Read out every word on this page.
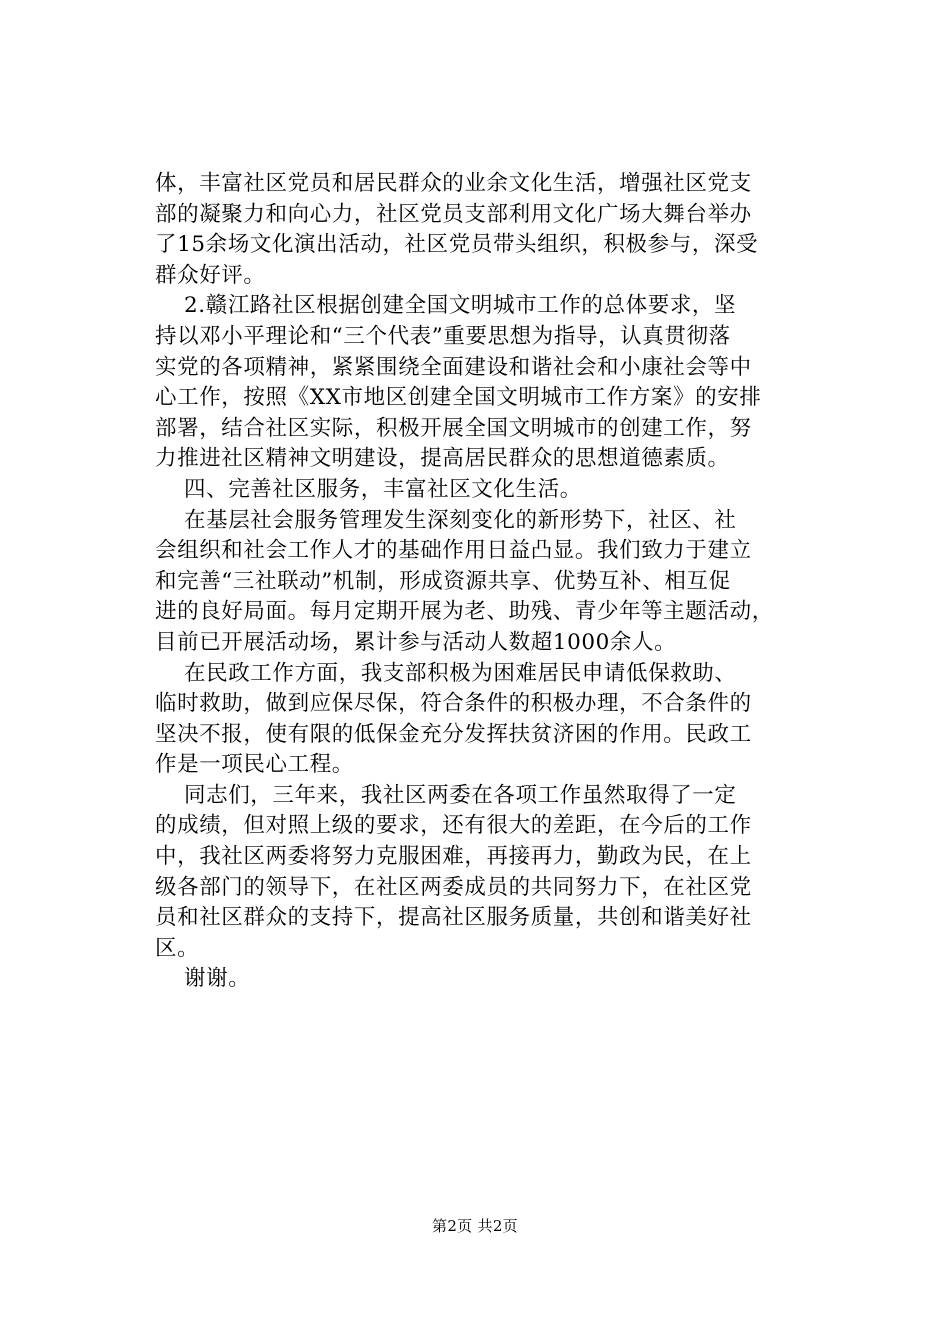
体，丰富社区党员和居民群众的业余文化生活，增强社区党支
部的凝聚力和向心力，社区党员支部利用文化广场大舞台举办
了15余场文化演出活动，社区党员带头组织，积极参与，深受
群众好评。
2.赣江路社区根据创建全国文明城市工作的总体要求，坚
持以邓小平理论和“三个代表”重要思想为指导，认真贯彻落
实党的各项精神，紧紧围绕全面建设和谐社会和小康社会等中
心工作，按照《XX市地区创建全国文明城市工作方案》的安排
部署，结合社区实际，积极开展全国文明城市的创建工作，努
力推进社区精神文明建设，提高居民群众的思想道德素质。
四、完善社区服务，丰富社区文化生活。
在基层社会服务管理发生深刻变化的新形势下，社区、社
会组织和社会工作人才的基础作用日益凸显。我们致力于建立
和完善“三社联动”机制，形成资源共享、优势互补、相互促
进的良好局面。每月定期开展为老、助残、青少年等主题活动，
目前已开展活动场，累计参与活动人数超1000余人。
在民政工作方面，我支部积极为困难居民申请低保救助、
临时救助，做到应保尽保，符合条件的积极办理，不合条件的
坚决不报，使有限的低保金充分发挥扶贫济困的作用。民政工
作是一项民心工程。
同志们，三年来，我社区两委在各项工作虽然取得了一定
的成绩，但对照上级的要求，还有很大的差距，在今后的工作
中，我社区两委将努力克服困难，再接再力，勤政为民，在上
级各部门的领导下，在社区两委成员的共同努力下，在社区党
员和社区群众的支持下，提高社区服务质量，共创和谐美好社
区。
谢谢。
第2页 共2页
